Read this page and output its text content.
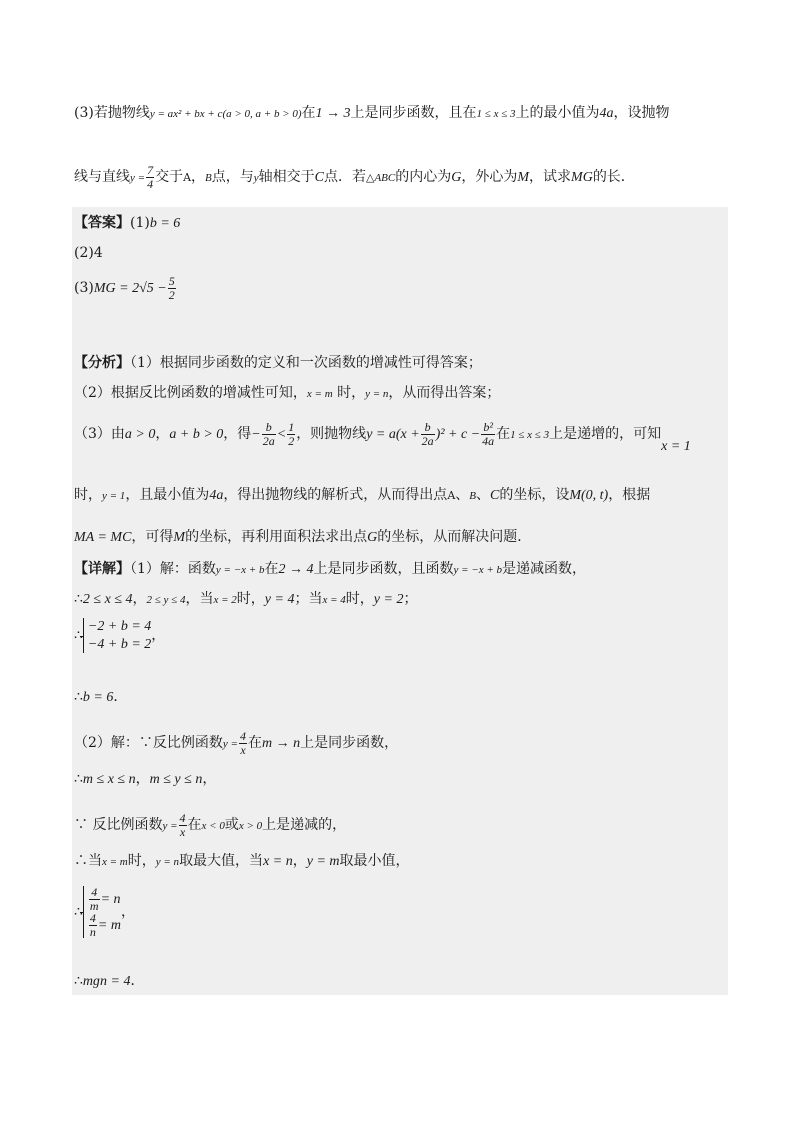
(3)若抛物线y = ax² + bx + c(a > 0, a + b > 0)在1 → 3上是同步函数，且在1 ≤ x ≤ 3上的最小值为4a，设抛物
线与直线$y = \frac{7}{4}$ 交于A，B点，与y轴相交于C点．若△ABC的内心为G，外心为M，试求MG的长．
【答案】(1)b = 6
(2)4
$(3)MG = 2√5 - \frac{5}{2}$
【分析】（1）根据同步函数的定义和一次函数的增减性可得答案；
（2）根据反比例函数的增减性可知，x = m 时，y = n，从而得出答案；
（3）由a > 0，a + b > 0，得− $\frac{b}{2a} < \frac{1}{2}$ ，则抛物线$y = a(x + \frac{b}{2a} )^2 + c - \frac{\text{b²}}{4a}$ 在1 ≤ x ≤ 3上是递增的，可知x = 1
时，y = 1，且最小值为4a，得出抛物线的解析式，从而得出点A、B、C的坐标，设M(0, t)，根据
MA = MC，可得M的坐标，再利用面积法求出点G的坐标，从而解决问题．
【详解】（1）解：函数y = −x + b在2 → 4上是同步函数，且函数y = −x + b是递减函数，
∴2 ≤ x ≤ 4，2 ≤ y ≤ 4，当x = 2时，y = 4；当x = 4时，y = 2；
∴
−2 + b = 4
−4 + b = 2
，
∴b = 6．
（2）解：∵反比例函数$y = \frac{4}{x}$ 在m → n上是同步函数，
∴m ≤ x ≤ n，m ≤ y ≤ n，
∵ 反比例函数$y = \frac{4}{x}$ 在x < 0或x > 0上是递减的，
∴当x = m时，y = n取最大值，当x = n，y = m取最小值，
∴ $\frac{4}{m} = n$
$\frac{4}{n} = m$
，
∴mɡn = 4．
